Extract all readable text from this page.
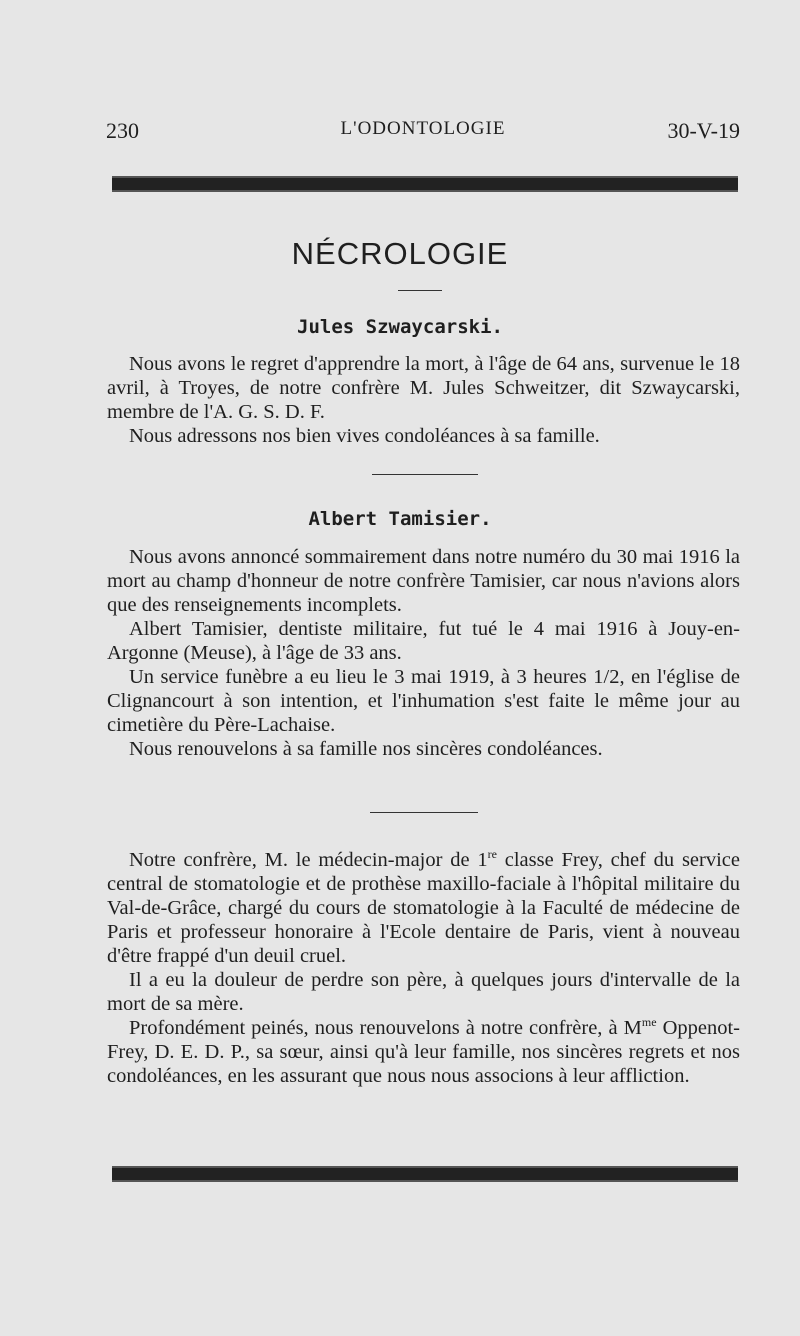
230	L'ODONTOLOGIE	30-V-19
NÉCROLOGIE
Jules Szwaycarski.

Nous avons le regret d'apprendre la mort, à l'âge de 64 ans, survenue le 18 avril, à Troyes, de notre confrère M. Jules Schweitzer, dit Szwaycarski, membre de l'A. G. S. D. F.

Nous adressons nos bien vives condoléances à sa famille.

Albert Tamisier.

Nous avons annoncé sommairement dans notre numéro du 30 mai 1916 la mort au champ d'honneur de notre confrère Tamisier, car nous n'avions alors que des renseignements incomplets.

Albert Tamisier, dentiste militaire, fut tué le 4 mai 1916 à Jouy-en-Argonne (Meuse), à l'âge de 33 ans.

Un service funèbre a eu lieu le 3 mai 1919, à 3 heures 1/2, en l'église de Clignancourt à son intention, et l'inhumation s'est faite le même jour au cimetière du Père-Lachaise.

Nous renouvelons à sa famille nos sincères condoléances.

Notre confrère, M. le médecin-major de 1re classe Frey, chef du service central de stomatologie et de prothèse maxillo-faciale à l'hôpital militaire du Val-de-Grâce, chargé du cours de stomatologie à la Faculté de médecine de Paris et professeur honoraire à l'Ecole dentaire de Paris, vient à nouveau d'être frappé d'un deuil cruel.

Il a eu la douleur de perdre son père, à quelques jours d'intervalle de la mort de sa mère.

Profondément peinés, nous renouvelons à notre confrère, à $M^{me}$ Oppenot-Frey, D. E. D. P., sa sœur, ainsi qu'à leur famille, nos sincères regrets et nos condoléances, en les assurant que nous nous associons à leur affliction.
